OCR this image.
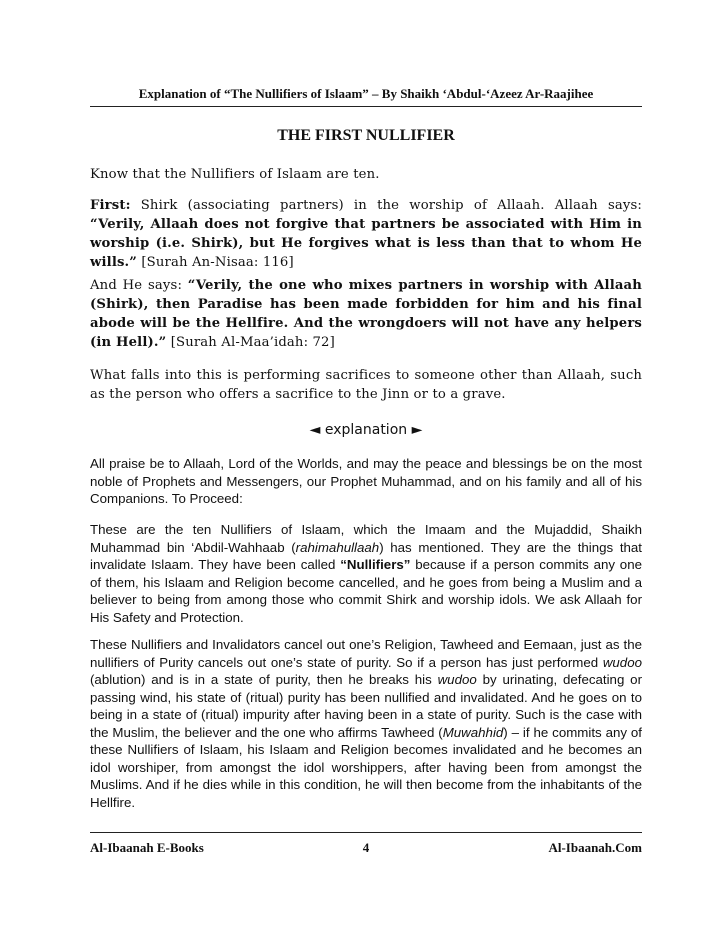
Explanation of “The Nullifiers of Islaam” – By Shaikh ‘Abdul-‘Azeez Ar-Raajihee
THE FIRST NULLIFIER

Know that the Nullifiers of Islaam are ten.

First: Shirk (associating partners) in the worship of Allaah. Allaah says: “Verily, Allaah does not forgive that partners be associated with Him in worship (i.e. Shirk), but He forgives what is less than that to whom He wills.” [Surah An-Nisaa: 116]

And He says: “Verily, the one who mixes partners in worship with Allaah (Shirk), then Paradise has been made forbidden for him and his final abode will be the Hellfire. And the wrongdoers will not have any helpers (in Hell).” [Surah Al-Maa’idah: 72]

What falls into this is performing sacrifices to someone other than Allaah, such as the person who offers a sacrifice to the Jinn or to a grave.

◄ explanation ►

All praise be to Allaah, Lord of the Worlds, and may the peace and blessings be on the most noble of Prophets and Messengers, our Prophet Muhammad, and on his family and all of his Companions. To Proceed:

These are the ten Nullifiers of Islaam, which the Imaam and the Mujaddid, Shaikh Muhammad bin ‘Abdil-Wahhaab (rahimahullaah) has mentioned. They are the things that invalidate Islaam. They have been called “Nullifiers” because if a person commits any one of them, his Islaam and Religion become cancelled, and he goes from being a Muslim and a believer to being from among those who commit Shirk and worship idols. We ask Allaah for His Safety and Protection.

These Nullifiers and Invalidators cancel out one’s Religion, Tawheed and Eemaan, just as the nullifiers of Purity cancels out one’s state of purity. So if a person has just performed wudoo (ablution) and is in a state of purity, then he breaks his wudoo by urinating, defecating or passing wind, his state of (ritual) purity has been nullified and invalidated. And he goes on to being in a state of (ritual) impurity after having been in a state of purity. Such is the case with the Muslim, the believer and the one who affirms Tawheed (Muwahhid) – if he commits any of these Nullifiers of Islaam, his Islaam and Religion becomes invalidated and he becomes an idol worshiper, from amongst the idol worshippers, after having been from amongst the Muslims. And if he dies while in this condition, he will then become from the inhabitants of the Hellfire.

Al-Ibaanah E-Books	4	Al-Ibaanah.Com
